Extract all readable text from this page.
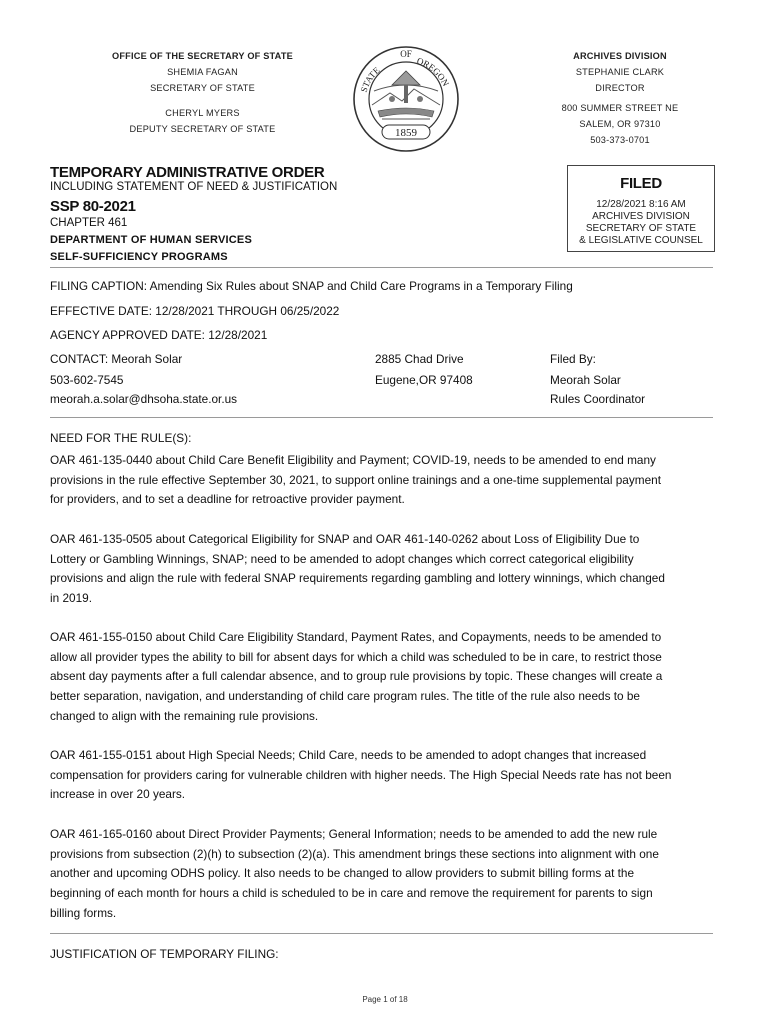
OFFICE OF THE SECRETARY OF STATE
SHEMIA FAGAN
SECRETARY OF STATE
CHERYL MYERS
DEPUTY SECRETARY OF STATE	1859
OF
STATE
OREGON
ARCHIVES DIVISION
STEPHANIE CLARK
DIRECTOR
800 SUMMER STREET NE
SALEM, OR 97310
503-373-0701
TEMPORARY ADMINISTRATIVE ORDER
INCLUDING STATEMENT OF NEED & JUSTIFICATION
SSP 80-2021
CHAPTER 461
DEPARTMENT OF HUMAN SERVICES
SELF-SUFFICIENCY PROGRAMS
FILED
12/28/2021 8:16 AM
ARCHIVES DIVISION
SECRETARY OF STATE
& LEGISLATIVE COUNSEL
FILING CAPTION: Amending Six Rules about SNAP and Child Care Programs in a Temporary Filing
EFFECTIVE DATE: 12/28/2021 THROUGH 06/25/2022
AGENCY APPROVED DATE: 12/28/2021
CONTACT: Meorah Solar
503-602-7545
meorah.a.solar@dhsoha.state.or.us
2885 Chad Drive
Eugene,OR 97408
Filed By:
Meorah Solar
Rules Coordinator
NEED FOR THE RULE(S):
OAR 461-135-0440 about Child Care Benefit Eligibility and Payment; COVID-19, needs to be amended to end many
provisions in the rule effective September 30, 2021, to support online trainings and a one-time supplemental payment
for providers, and to set a deadline for retroactive provider payment.
OAR 461-135-0505 about Categorical Eligibility for SNAP and OAR 461-140-0262 about Loss of Eligibility Due to
Lottery or Gambling Winnings, SNAP; need to be amended to adopt changes which correct categorical eligibility
provisions and align the rule with federal SNAP requirements regarding gambling and lottery winnings, which changed
in 2019.
OAR 461-155-0150 about Child Care Eligibility Standard, Payment Rates, and Copayments, needs to be amended to
allow all provider types the ability to bill for absent days for which a child was scheduled to be in care, to restrict those
absent day payments after a full calendar absence, and to group rule provisions by topic. These changes will create a
better separation, navigation, and understanding of child care program rules. The title of the rule also needs to be
changed to align with the remaining rule provisions.
OAR 461-155-0151 about High Special Needs; Child Care, needs to be amended to adopt changes that increased
compensation for providers caring for vulnerable children with higher needs. The High Special Needs rate has not been
increase in over 20 years.
OAR 461-165-0160 about Direct Provider Payments; General Information; needs to be amended to add the new rule
provisions from subsection (2)(h) to subsection (2)(a). This amendment brings these sections into alignment with one
another and upcoming ODHS policy. It also needs to be changed to allow providers to submit billing forms at the
beginning of each month for hours a child is scheduled to be in care and remove the requirement for parents to sign
billing forms.
JUSTIFICATION OF TEMPORARY FILING:
Page 1 of 18
